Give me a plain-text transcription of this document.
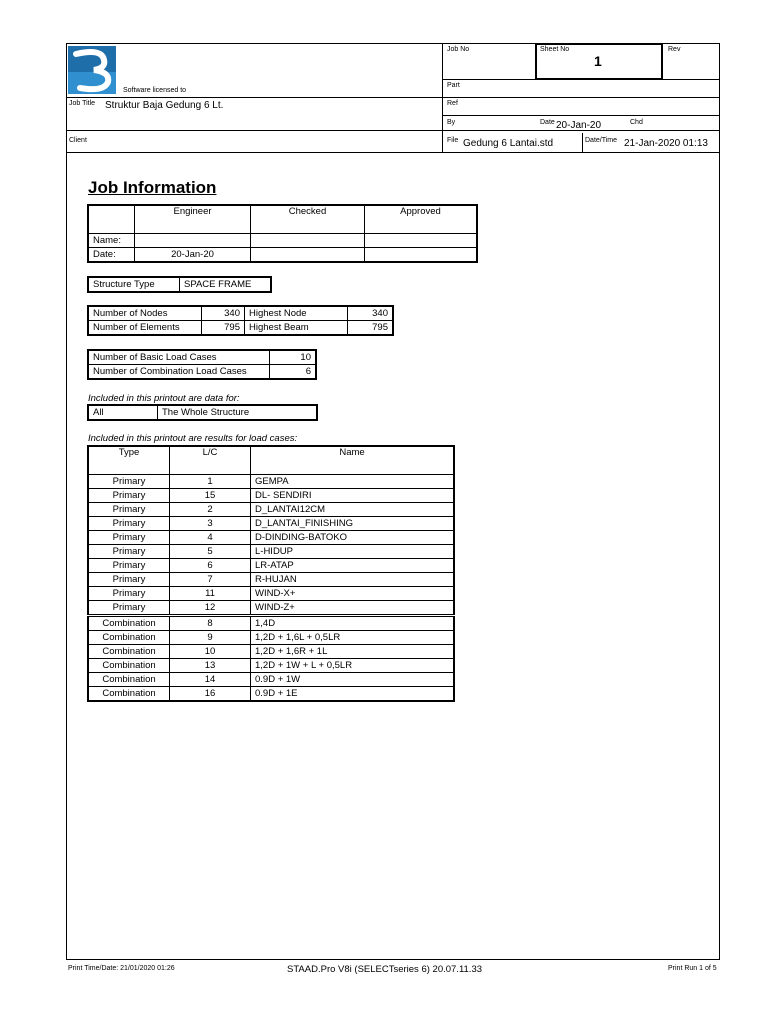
Software licensed to
Job No	Sheet No
1
Rev
Part
Ref
By	Date 20-Jan-20	Chd
Job Title Struktur Baja Gedung 6 Lt.
Client	File Gedung 6 Lantai.std	Date/Time 21-Jan-2020 01:13
Job Information
	Engineer	Checked	Approved
Name:			
Date:	20-Jan-20		
Structure Type	SPACE FRAME
Number of Nodes	340	Highest Node	340
Number of Elements	795	Highest Beam	795
Number of Basic Load Cases	10
Number of Combination Load Cases	6
Included in this printout are data for:
All	The Whole Structure
Included in this printout are results for load cases:
Type	L/C	Name
Primary	1	GEMPA
Primary	15	DL- SENDIRI
Primary	2	D_LANTAI12CM
Primary	3	D_LANTAI_FINISHING
Primary	4	D-DINDING-BATOKO
Primary	5	L-HIDUP
Primary	6	LR-ATAP
Primary	7	R-HUJAN
Primary	11	WIND-X+
Primary	12	WIND-Z+
Combination	8	1,4D
Combination	9	1,2D + 1,6L + 0,5LR
Combination	10	1,2D + 1,6R + 1L
Combination	13	1,2D + 1W + L + 0,5LR
Combination	14	0.9D + 1W
Combination	16	0.9D + 1E
Print Time/Date: 21/01/2020 01:26	STAAD.Pro V8i (SELECTseries 6) 20.07.11.33	Print Run 1 of 5
